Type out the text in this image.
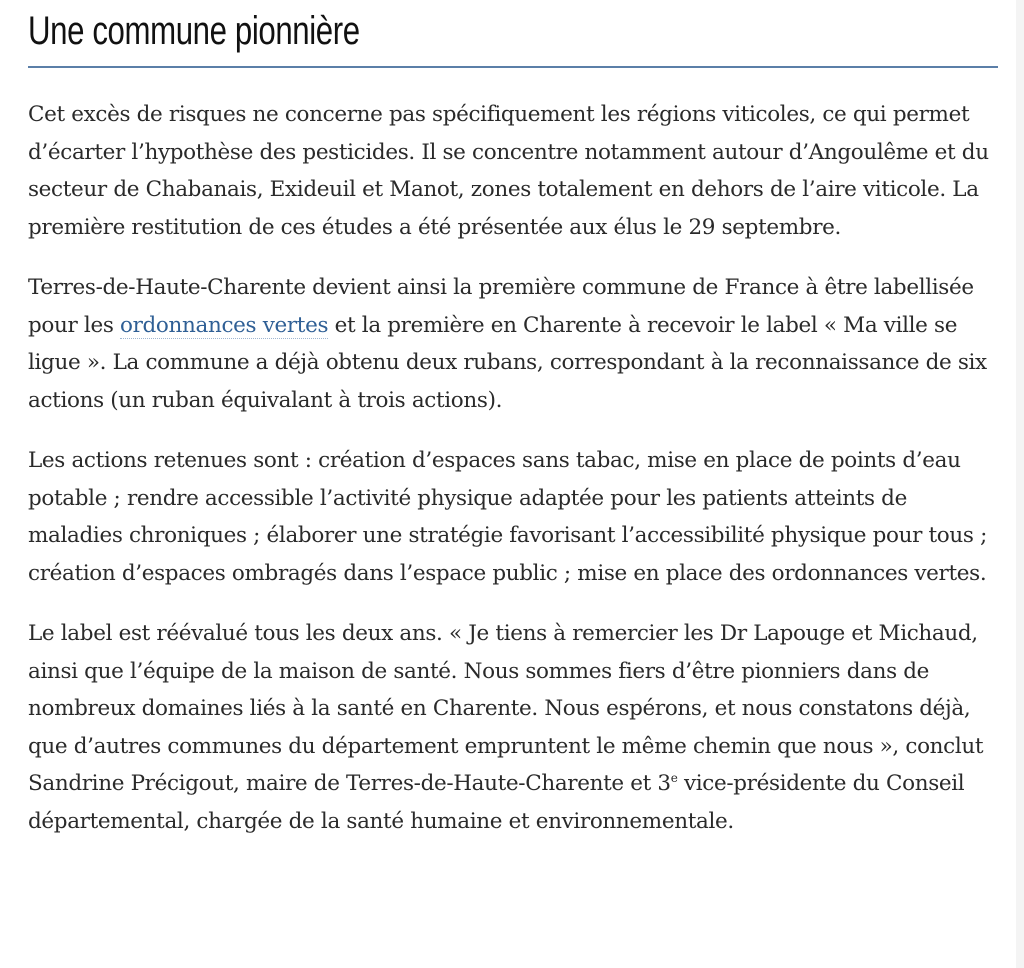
Une commune pionnière

Cet excès de risques ne concerne pas spécifiquement les régions viticoles, ce qui permet d’écarter l’hypothèse des pesticides. Il se concentre notamment autour d’Angoulême et du secteur de Chabanais, Exideuil et Manot, zones totalement en dehors de l’aire viticole. La première restitution de ces études a été présentée aux élus le 29 septembre.

Terres-de-Haute-Charente devient ainsi la première commune de France à être labellisée pour les ordonnances vertes et la première en Charente à recevoir le label « Ma ville se ligue ». La commune a déjà obtenu deux rubans, correspondant à la reconnaissance de six actions (un ruban équivalant à trois actions).

Les actions retenues sont : création d’espaces sans tabac, mise en place de points d’eau potable ; rendre accessible l’activité physique adaptée pour les patients atteints de maladies chroniques ; élaborer une stratégie favorisant l’accessibilité physique pour tous ; création d’espaces ombragés dans l’espace public ; mise en place des ordonnances vertes.

Le label est réévalué tous les deux ans. « Je tiens à remercier les Dr Lapouge et Michaud, ainsi que l’équipe de la maison de santé. Nous sommes fiers d’être pionniers dans de nombreux domaines liés à la santé en Charente. Nous espérons, et nous constatons déjà, que d’autres communes du département empruntent le même chemin que nous », conclut Sandrine Précigout, maire de Terres-de-Haute-Charente et 3e vice-présidente du Conseil départemental, chargée de la santé humaine et environnementale.
